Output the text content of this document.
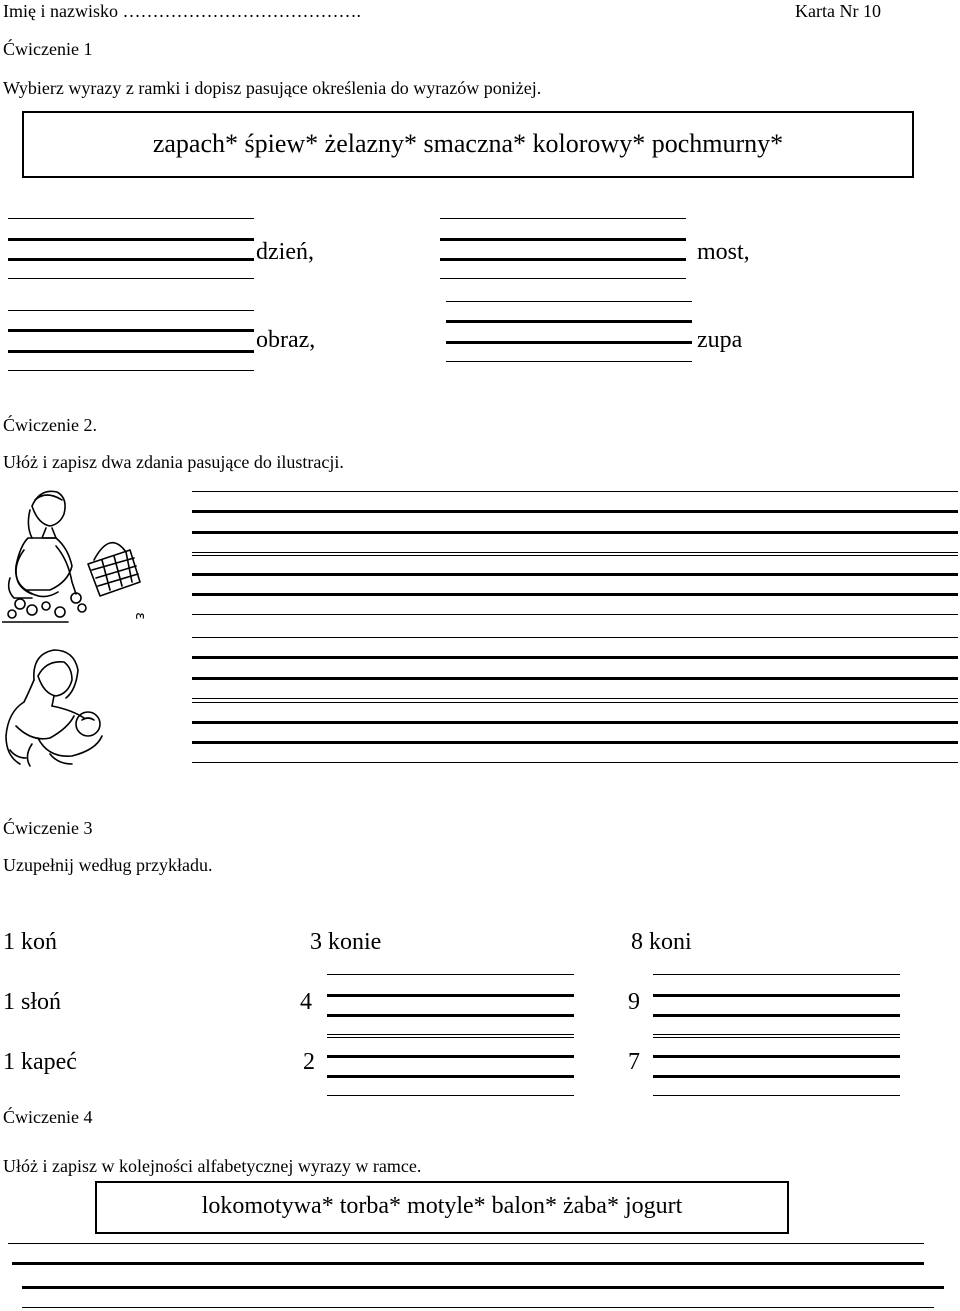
Imię i nazwisko ………………………………….	Karta Nr 10
Ćwiczenie 1
Wybierz wyrazy z ramki i dopisz pasujące określenia do wyrazów poniżej.
zapach* śpiew* żelazny* smaczna* kolorowy* pochmurny*
dzień,	most,
obraz,	zupa
Ćwiczenie 2.
Ułóż i zapisz dwa zdania pasujące do ilustracji.
ε
Ćwiczenie 3
Uzupełnij według przykładu.
1 koń	3 konie	8 koni
1 słoń	4	9
1 kapeć	2	7
Ćwiczenie 4
Ułóż i zapisz w kolejności alfabetycznej wyrazy w ramce.
lokomotywa* torba* motyle* balon* żaba* jogurt
